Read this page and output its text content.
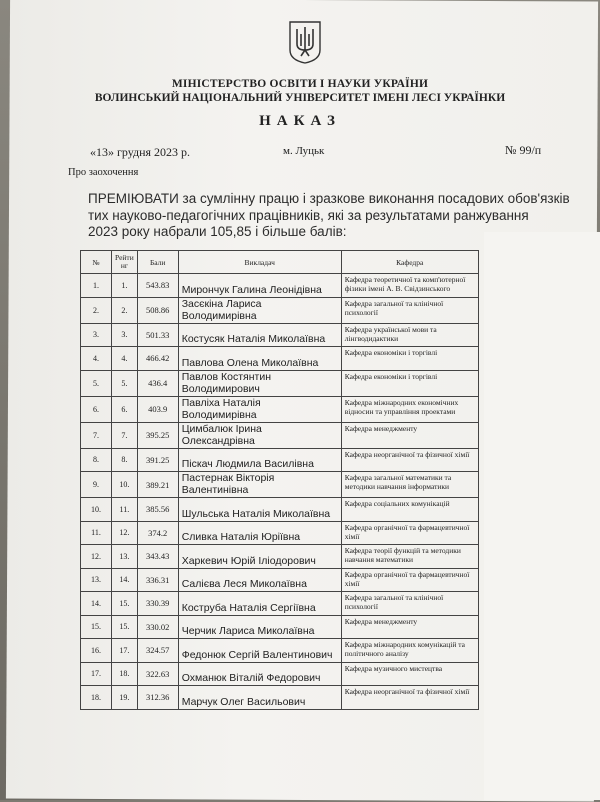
МІНІСТЕРСТВО ОСВІТИ І НАУКИ УКРАЇНИ
ВОЛИНСЬКИЙ НАЦІОНАЛЬНИЙ УНІВЕРСИТЕТ ІМЕНІ ЛЕСІ УКРАЇНКИ
НАКАЗ
«13» грудня 2023 р.	м. Луцьк	№ 99/п
Про заохочення
ПРЕМІЮВАТИ за сумлінну працю і зразкове виконання посадових обов'язків
тих науково-педагогічних працівників, які за результатами ранжування
2023 року набрали 105,85 і більше балів:
№	Рейти нг	Бали	Викладач	Кафедра
1.	1.	543.83	Мирончук Галина Леонідівна	Кафедра теоретичної та комп'ютерної фізики імені А. В. Свідзинського
2.	2.	508.86	Засєкіна Лариса Володимирівна	Кафедра загальної та клінічної психології
3.	3.	501.33	Костусяк Наталія Миколаївна	Кафедра української мови та лінгводидактики
4.	4.	466.42	Павлова Олена Миколаївна	Кафедра економіки і торгівлі
5.	5.	436.4	Павлов Костянтин Володимирович	Кафедра економіки і торгівлі
6.	6.	403.9	Павліха Наталія Володимирівна	Кафедра міжнародних економічних відносин та управління проектами
7.	7.	395.25	Цимбалюк Ірина Олександрівна	Кафедра менеджменту
8.	8.	391.25	Піскач Людмила Василівна	Кафедра неорганічної та фізичної хімії
9.	10.	389.21	Пастернак Вікторія Валентинівна	Кафедра загальної математики та методики навчання інформатики
10.	11.	385.56	Шульська Наталія Миколаївна	Кафедра соціальних комунікацій
11.	12.	374.2	Сливка Наталія Юріївна	Кафедра органічної та фармацевтичної хімії
12.	13.	343.43	Харкевич Юрій Іліодорович	Кафедра теорії функцій та методики навчання математики
13.	14.	336.31	Салієва Леся Миколаївна	Кафедра органічної та фармацевтичної хімії
14.	15.	330.39	Коструба Наталія Сергіївна	Кафедра загальної та клінічної психології
15.	15.	330.02	Черчик Лариса Миколаївна	Кафедра менеджменту
16.	17.	324.57	Федонюк Сергій Валентинович	Кафедра міжнародних комунікацій та політичного аналізу
17.	18.	322.63	Охманюк Віталій Федорович	Кафедра музичного мистецтва
18.	19.	312.36	Марчук Олег Васильович	Кафедра неорганічної та фізичної хімії
